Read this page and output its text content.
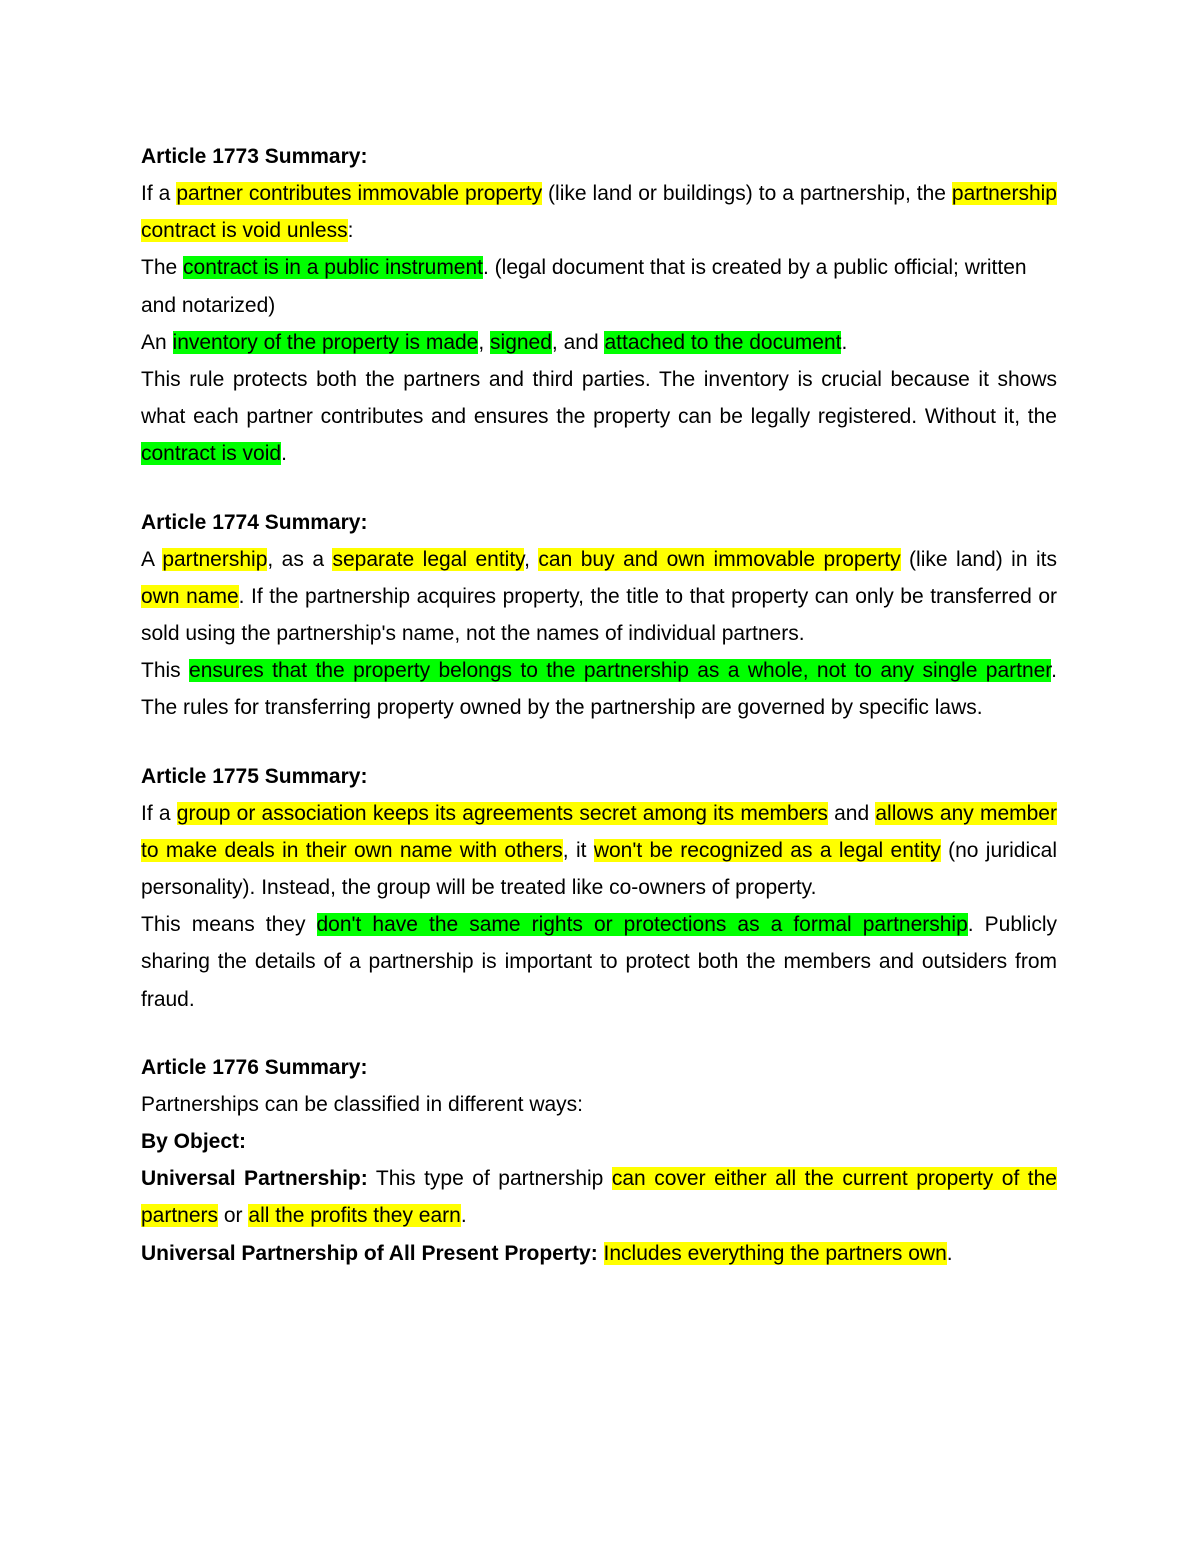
Article 1773 Summary:

If a partner contributes immovable property (like land or buildings) to a partnership, the partnership contract is void unless:

The contract is in a public instrument. (legal document that is created by a public official; written and notarized)

An inventory of the property is made, signed, and attached to the document.

This rule protects both the partners and third parties. The inventory is crucial because it shows what each partner contributes and ensures the property can be legally registered. Without it, the contract is void.

Article 1774 Summary:

A partnership, as a separate legal entity, can buy and own immovable property (like land) in its own name. If the partnership acquires property, the title to that property can only be transferred or sold using the partnership's name, not the names of individual partners.

This ensures that the property belongs to the partnership as a whole, not to any single partner. The rules for transferring property owned by the partnership are governed by specific laws.

Article 1775 Summary:

If a group or association keeps its agreements secret among its members and allows any member to make deals in their own name with others, it won't be recognized as a legal entity (no juridical personality). Instead, the group will be treated like co-owners of property.

This means they don't have the same rights or protections as a formal partnership. Publicly sharing the details of a partnership is important to protect both the members and outsiders from fraud.

Article 1776 Summary:

Partnerships can be classified in different ways:

By Object:

Universal Partnership: This type of partnership can cover either all the current property of the partners or all the profits they earn.

Universal Partnership of All Present Property: Includes everything the partners own.
